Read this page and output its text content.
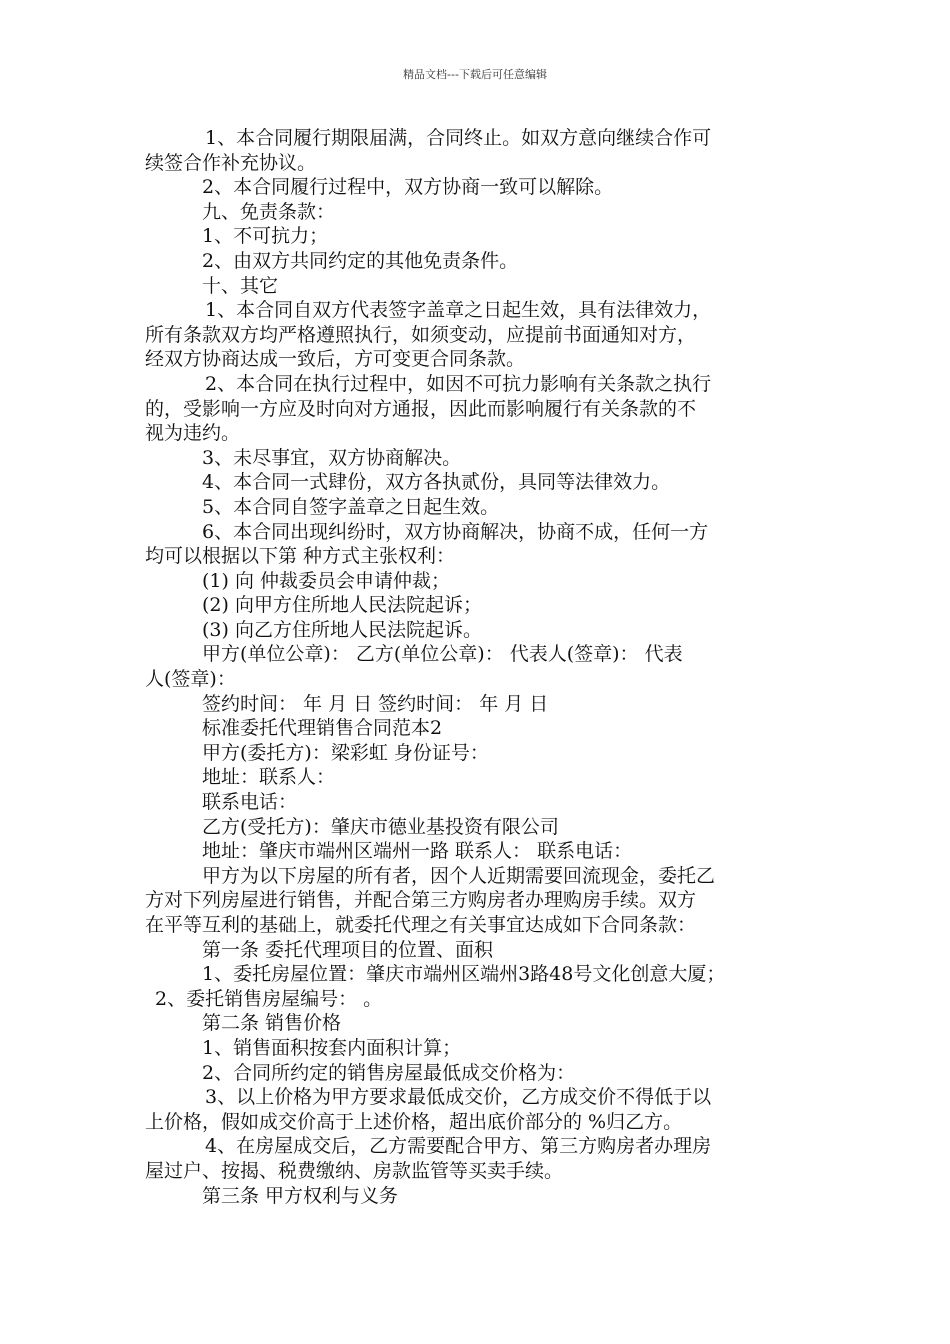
精品文档---下载后可任意编辑
1、本合同履行期限届满，合同终止。如双方意向继续合作可
续签合作补充协议。
2、本合同履行过程中，双方协商一致可以解除。
九、免责条款：
1、不可抗力；
2、由双方共同约定的其他免责条件。
十、其它
1、本合同自双方代表签字盖章之日起生效，具有法律效力，
所有条款双方均严格遵照执行，如须变动，应提前书面通知对方，
经双方协商达成一致后，方可变更合同条款。
2、本合同在执行过程中，如因不可抗力影响有关条款之执行
的，受影响一方应及时向对方通报，因此而影响履行有关条款的不
视为违约。
3、未尽事宜，双方协商解决。
4、本合同一式肆份，双方各执贰份，具同等法律效力。
5、本合同自签字盖章之日起生效。
6、本合同出现纠纷时，双方协商解决，协商不成，任何一方
均可以根据以下第 种方式主张权利：
(1) 向 仲裁委员会申请仲裁；
(2) 向甲方住所地人民法院起诉；
(3) 向乙方住所地人民法院起诉。
甲方(单位公章)： 乙方(单位公章)： 代表人(签章)： 代表
人(签章)：
签约时间： 年 月 日 签约时间： 年 月 日
标准委托代理销售合同范本2
甲方(委托方)：梁彩虹 身份证号：
地址：联系人：
联系电话：
乙方(受托方)：肇庆市德业基投资有限公司
地址：肇庆市端州区端州一路 联系人： 联系电话：
甲方为以下房屋的所有者，因个人近期需要回流现金，委托乙
方对下列房屋进行销售，并配合第三方购房者办理购房手续。双方
在平等互利的基础上，就委托代理之有关事宜达成如下合同条款：
第一条 委托代理项目的位置、面积
1、委托房屋位置：肇庆市端州区端州3路48号文化创意大厦；
2、委托销售房屋编号： 。
第二条 销售价格
1、销售面积按套内面积计算；
2、合同所约定的销售房屋最低成交价格为：
3、以上价格为甲方要求最低成交价，乙方成交价不得低于以
上价格，假如成交价高于上述价格，超出底价部分的 %归乙方。
4、在房屋成交后，乙方需要配合甲方、第三方购房者办理房
屋过户、按揭、税费缴纳、房款监管等买卖手续。
第三条 甲方权利与义务
